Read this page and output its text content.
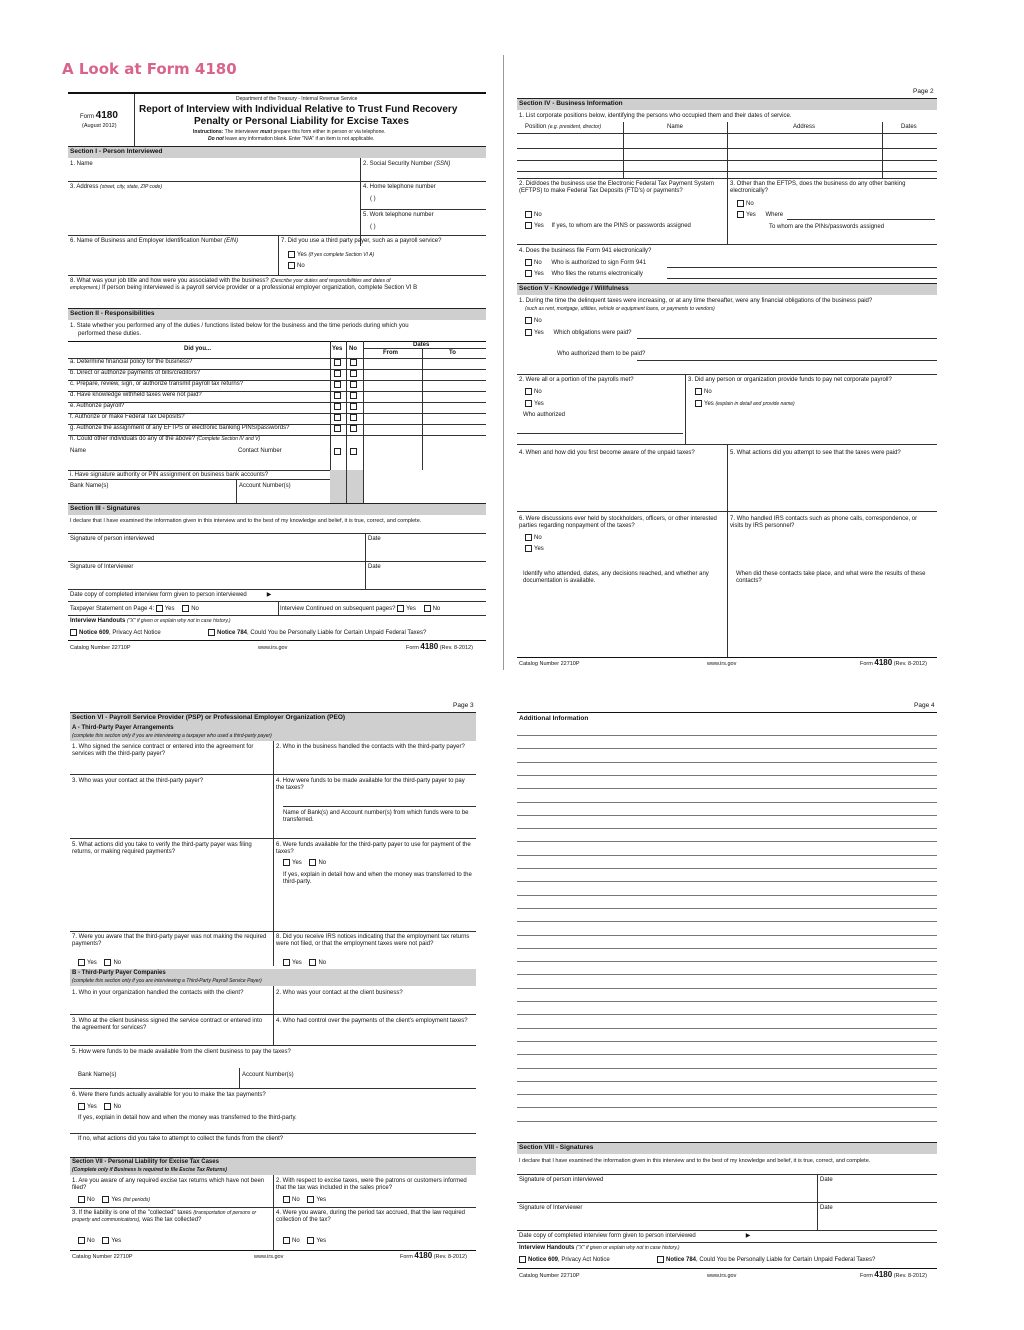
A Look at Form 4180
Department of the Treasury - Internal Revenue Service
Form 4180
(August 2012)
Report of Interview with Individual Relative to Trust Fund Recovery
Penalty or Personal Liability for Excise Taxes
Instructions: The interviewer must prepare this form either in person or via telephone.
Do not leave any information blank. Enter "N/A" if an item is not applicable.
Section I - Person Interviewed
1. Name	2. Social Security Number (SSN)
3. Address (street, city, state, ZIP code)	4. Home telephone number
( )
5. Work telephone number
( )
6. Name of Business and Employer Identification Number (EIN)	7. Did you use a third party payer, such as a payroll service?
Yes (If yes complete Section VI A)
No
8. What was your job title and how were you associated with the business? (Describe your duties and responsibilities and dates of
employment.) If person being interviewed is a payroll service provider or a professional employer organization, complete Section VI B
Section II - Responsibilities
1. State whether you performed any of the duties / functions listed below for the business and the time periods during which you
performed these duties.
Did you...	Yes No
Dates
From	To
a. Determine financial policy for the business?
b. Direct or authorize payments of bills/creditors?
c. Prepare, review, sign, or authorize transmit payroll tax returns?
d. Have knowledge withheld taxes were not paid?
e. Authorize payroll?
f. Authorize or make Federal Tax Deposits?
g. Authorize the assignment of any EFTPS or electronic banking PINS/passwords?
h. Could other individuals do any of the above? (Complete Section IV and V)
Name	Contact Number
i. Have signature authority or PIN assignment on business bank accounts?
Bank Name(s)	Account Number(s)
Section III - Signatures
I declare that I have examined the information given in this interview and to the best of my knowledge and belief, it is true, correct, and complete.
Signature of person interviewed	Date
Signature of Interviewer	Date
Date copy of completed interview form given to person interviewed	▶
Taxpayer Statement on Page 4: Yes	No	Interview Continued on subsequent pages? Yes	No
Interview Handouts ("X" if given or explain why not in case history.)
Notice 609, Privacy Act Notice	Notice 784, Could You be Personally Liable for Certain Unpaid Federal Taxes?
Catalog Number 22710P	www.irs.gov	Form 4180 (Rev. 8-2012)
Page 2
Section IV - Business Information
1. List corporate positions below, identifying the persons who occupied them and their dates of service.
Position (e.g. president, director)	Name	Address	Dates
2. Did/does the business use the Electronic Federal Tax Payment System (EFTPS) to make Federal Tax Deposits (FTD's) or payments?
No
Yes If yes, to whom are the PINS or passwords assigned
3. Other than the EFTPS, does the business do any other banking electronically?
No
Yes Where
To whom are the PINs/passwords assigned
4. Does the business file Form 941 electronically?
No Who is authorized to sign Form 941
Yes Who files the returns electronically
Section V - Knowledge / Willfulness
1. During the time the delinquent taxes were increasing, or at any time thereafter, were any financial obligations of the business paid?
(such as rent, mortgage, utilities, vehicle or equipment loans, or payments to vendors)
No
Yes Which obligations were paid?
Who authorized them to be paid?
2. Were all or a portion of the payrolls met?
No
Yes
Who authorized
3. Did any person or organization provide funds to pay net corporate payroll?
No
Yes (explain in detail and provide name)
4. When and how did you first become aware of the unpaid taxes?	5. What actions did you attempt to see that the taxes were paid?
6. Were discussions ever held by stockholders, officers, or other interested parties regarding nonpayment of the taxes?
No
Yes
Identify who attended, dates, any decisions reached, and whether any documentation is available.
7. Who handled IRS contacts such as phone calls, correspondence, or visits by IRS personnel?
When did these contacts take place, and what were the results of these contacts?
Catalog Number 22710P	www.irs.gov	Form 4180 (Rev. 8-2012)
Page 3
Section VI - Payroll Service Provider (PSP) or Professional Employer Organization (PEO)
A - Third-Party Payer Arrangements
(complete this section only if you are interviewing a taxpayer who used a third-party payer)
1. Who signed the service contract or entered into the agreement for services with the third-party payer?
2. Who in the business handled the contacts with the third-party payer?
3. Who was your contact at the third-party payer?	4. How were funds to be made available for the third-party payer to pay the taxes?
Name of Bank(s) and Account number(s) from which funds were to be transferred.
5. What actions did you take to verify the third-party payer was filing returns, or making required payments?
6. Were funds available for the third-party payer to use for payment of the taxes?
Yes	No
If yes, explain in detail how and when the money was transferred to the third-party.
7. Were you aware that the third-party payer was not making the required payments?
Yes	No
8. Did you receive IRS notices indicating that the employment tax returns were not filed, or that the employment taxes were not paid?
Yes	No
B - Third-Party Payer Companies
(complete this section only if you are interviewing a Third-Party Payroll Service Payer)
1. Who in your organization handled the contacts with the client?	2. Who was your contact at the client business?
3. Who at the client business signed the service contract or entered into the agreement for services?
4. Who had control over the payments of the client's employment taxes?
5. How were funds to be made available from the client business to pay the taxes?
Bank Name(s)	Account Number(s)
6. Were there funds actually available for you to make the tax payments?
Yes	No
If yes, explain in detail how and when the money was transferred to the third-party.
If no, what actions did you take to attempt to collect the funds from the client?
Section VII - Personal Liability for Excise Tax Cases
(Complete only if Business is required to file Excise Tax Returns)
1. Are you aware of any required excise tax returns which have not been filed?
No	Yes (list periods)
2. With respect to excise taxes, were the patrons or customers informed that the tax was included in the sales price?
No	Yes
3. If the liability is one of the "collected" taxes (transportation of persons or property and communications), was the tax collected?
No	Yes
4. Were you aware, during the period tax accrued, that the law required collection of the tax?
No	Yes
Catalog Number 22710P	www.irs.gov	Form 4180 (Rev. 8-2012)
Page 4
Additional Information
Section VIII - Signatures
I declare that I have examined the information given in this interview and to the best of my knowledge and belief, it is true, correct, and complete.
Signature of person interviewed	Date
Signature of Interviewer	Date
Date copy of completed interview form given to person interviewed	▶
Interview Handouts ("X" if given or explain why not in case history.)
Notice 609, Privacy Act Notice	Notice 784, Could You be Personally Liable for Certain Unpaid Federal Taxes?
Catalog Number 22710P	www.irs.gov	Form 4180 (Rev. 8-2012)
